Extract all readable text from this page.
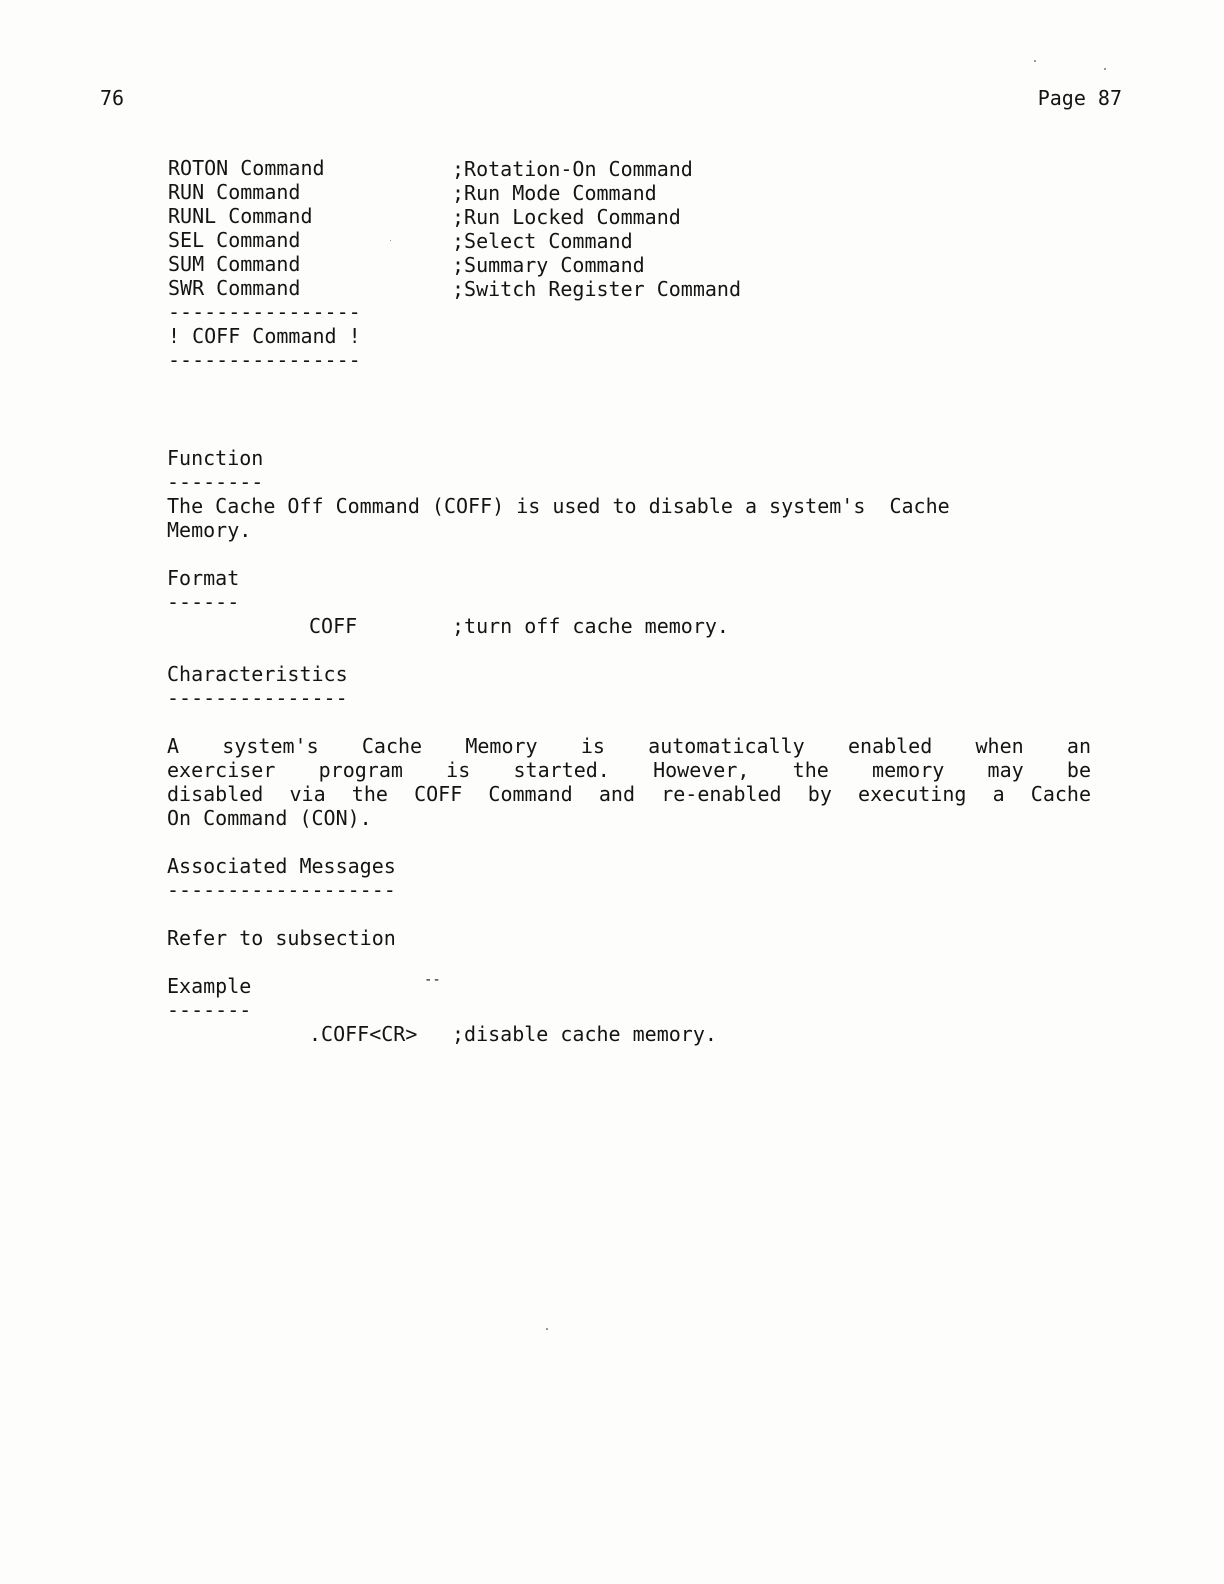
76	Page 87
ROTON Command	;Rotation-On Command
RUN Command	;Run Mode Command
RUNL Command	;Run Locked Command
SEL Command	;Select Command
SUM Command	;Summary Command
SWR Command	;Switch Register Command
----------------
! COFF Command !
----------------
Function
--------
The Cache Off Command (COFF) is used to disable a system's  Cache
Memory.
Format
------
COFF	;turn off cache memory.
Characteristics
---------------
A system's Cache Memory is automatically enabled when an
exerciser program is started. However, the memory may be
disabled via the COFF Command and re-enabled by executing a Cache
On Command (CON).
Associated Messages
-------------------
Refer to subsection
Example	--
-------
.COFF<CR> ;disable cache memory.
